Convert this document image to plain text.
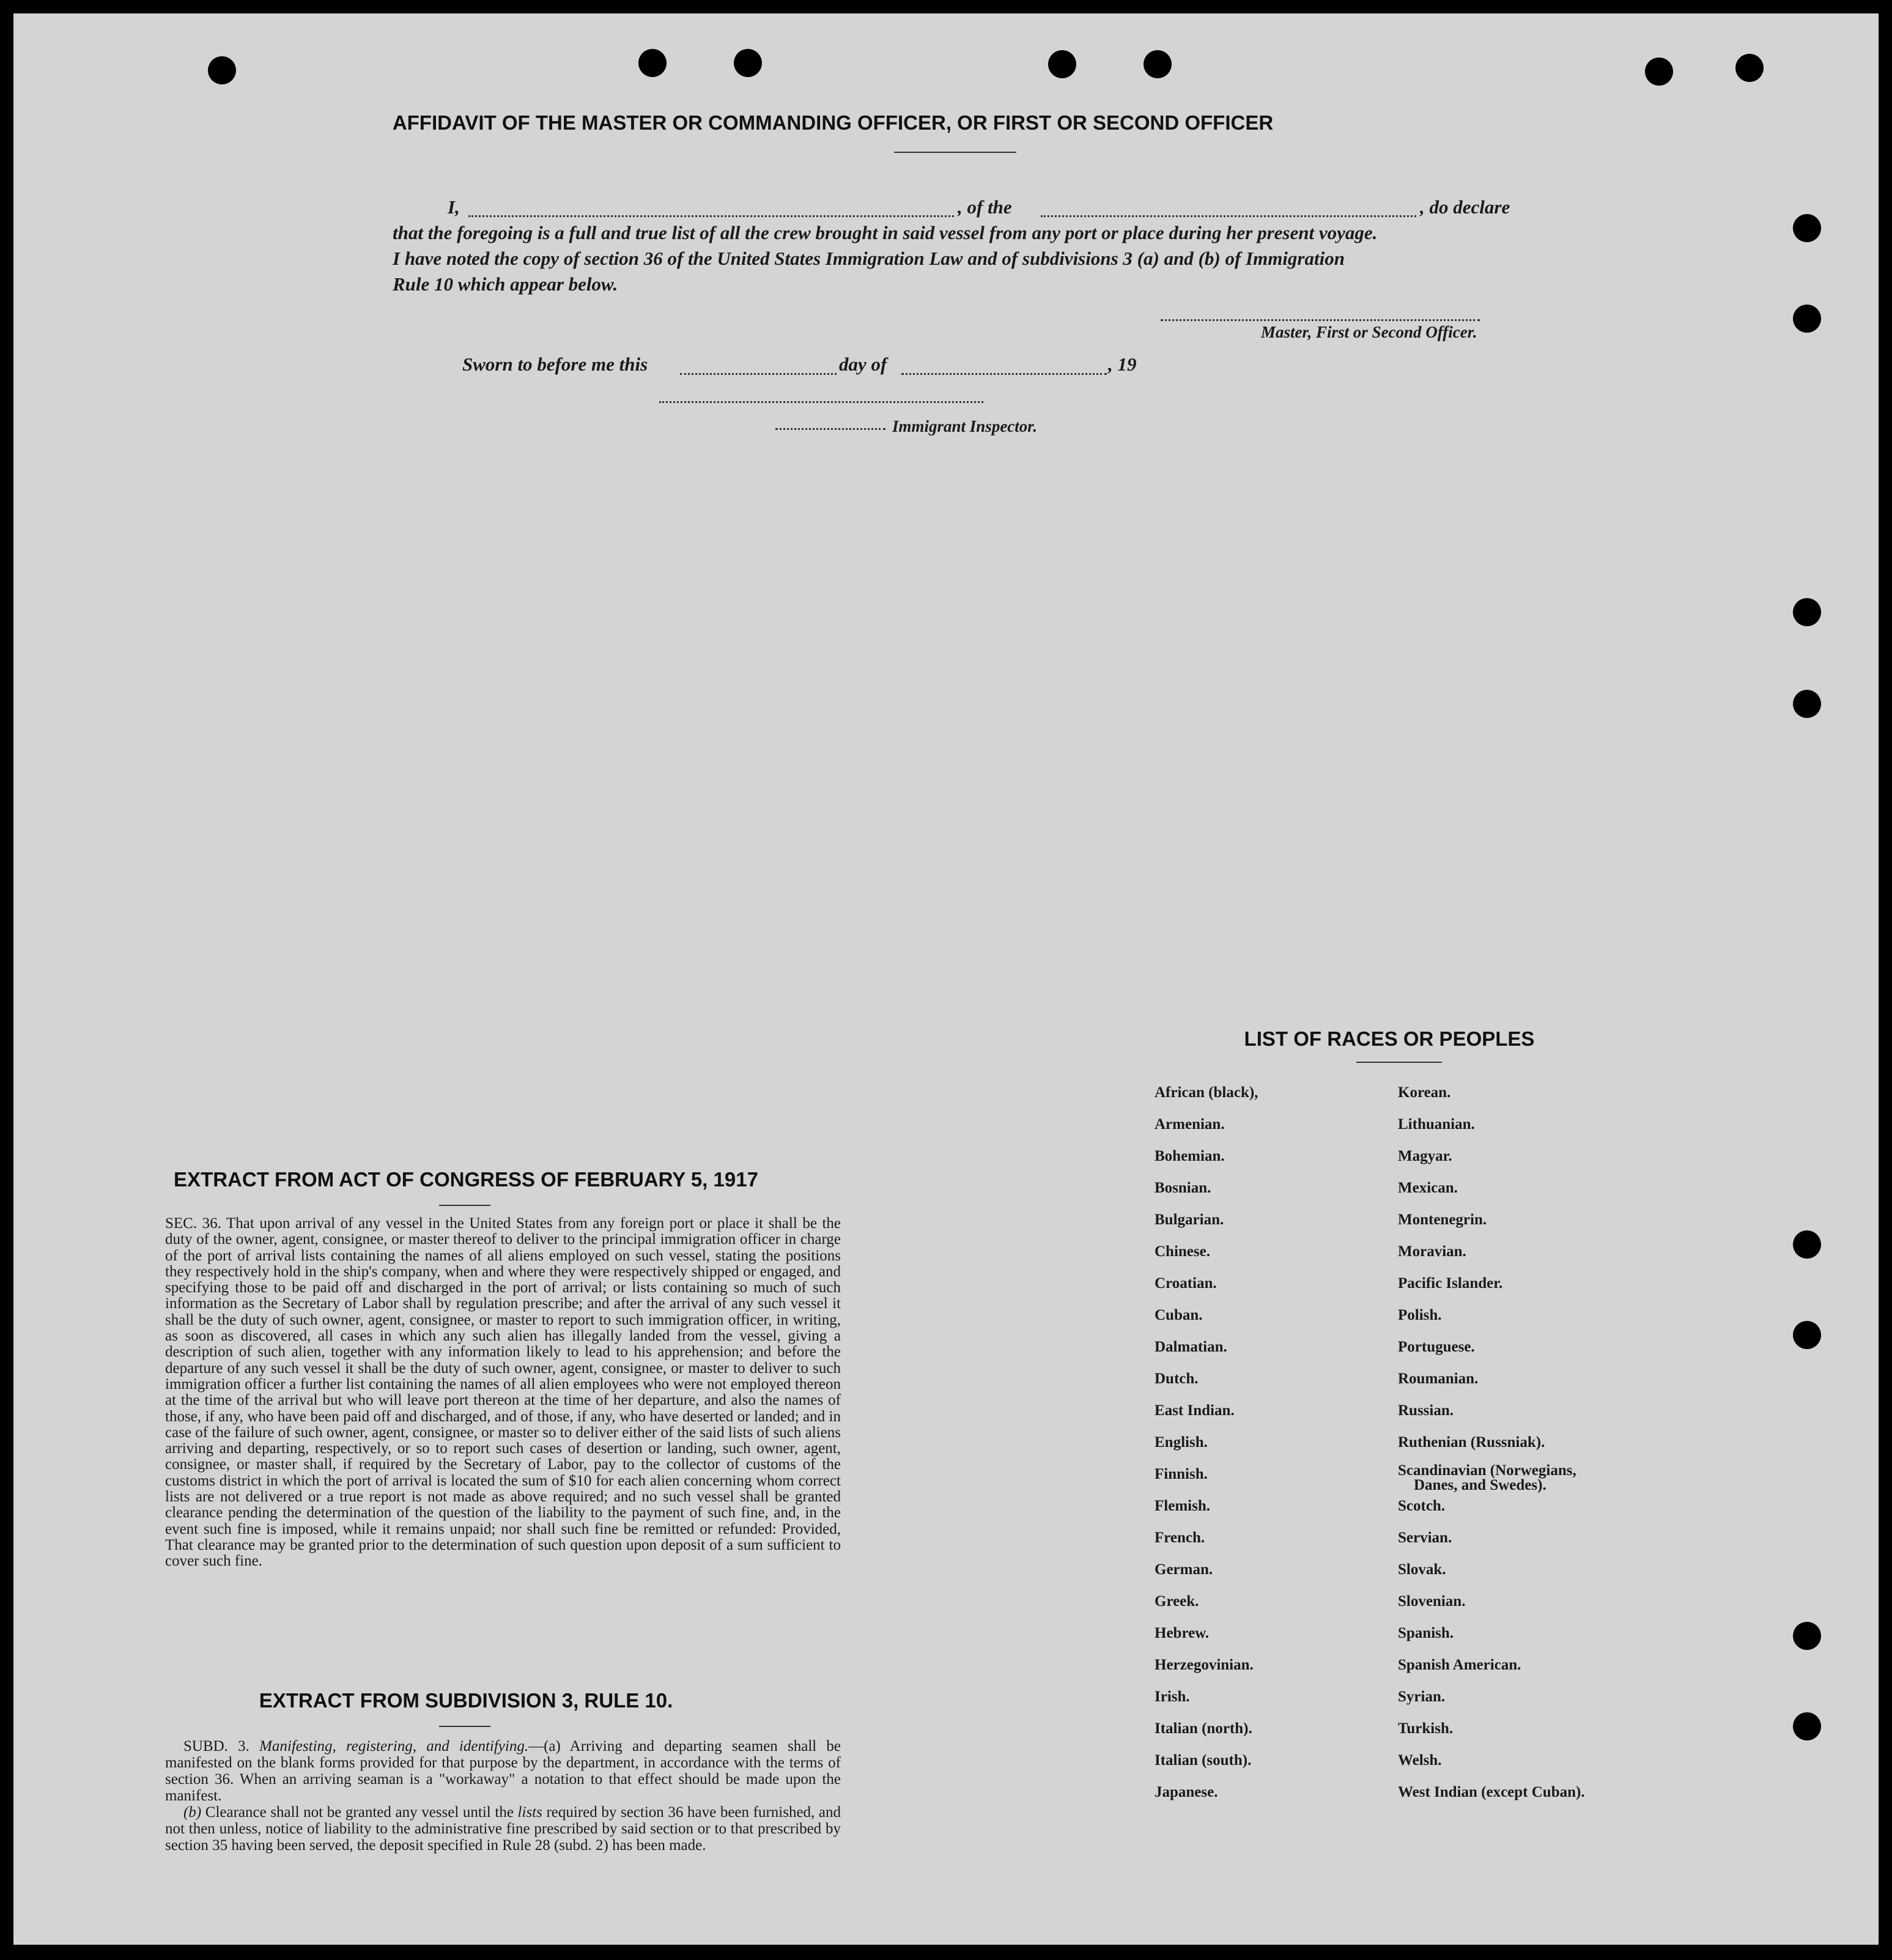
AFFIDAVIT OF THE MASTER OR COMMANDING OFFICER, OR FIRST OR SECOND OFFICER
I,	, of the	, do declare
that the foregoing is a full and true list of all the crew brought in said vessel from any port or place during her present voyage.
I have noted the copy of section 36 of the United States Immigration Law and of subdivisions 3 (a) and (b) of Immigration
Rule 10 which appear below.
Master, First or Second Officer.
Sworn to before me this	day of	, 19
Immigrant Inspector.
EXTRACT FROM ACT OF CONGRESS OF FEBRUARY 5, 1917
SEC. 36. That upon arrival of any vessel in the United States from any foreign port or place it shall be the duty of the owner, agent, consignee, or master thereof to deliver to the principal immigration officer in charge of the port of arrival lists containing the names of all aliens employed on such vessel, stating the positions they respectively hold in the ship's company, when and where they were respectively shipped or engaged, and specifying those to be paid off and discharged in the port of arrival; or lists containing so much of such information as the Secretary of Labor shall by regulation prescribe; and after the arrival of any such vessel it shall be the duty of such owner, agent, consignee, or master to report to such immigration officer, in writing, as soon as discovered, all cases in which any such alien has illegally landed from the vessel, giving a description of such alien, together with any information likely to lead to his apprehension; and before the departure of any such vessel it shall be the duty of such owner, agent, consignee, or master to deliver to such immigration officer a further list containing the names of all alien employees who were not employed thereon at the time of the arrival but who will leave port thereon at the time of her departure, and also the names of those, if any, who have been paid off and discharged, and of those, if any, who have deserted or landed; and in case of the failure of such owner, agent, consignee, or master so to deliver either of the said lists of such aliens arriving and departing, respectively, or so to report such cases of desertion or landing, such owner, agent, consignee, or master shall, if required by the Secretary of Labor, pay to the collector of customs of the customs district in which the port of arrival is located the sum of $10 for each alien concerning whom correct lists are not delivered or a true report is not made as above required; and no such vessel shall be granted clearance pending the determination of the question of the liability to the payment of such fine, and, in the event such fine is imposed, while it remains unpaid; nor shall such fine be remitted or refunded: Provided, That clearance may be granted prior to the determination of such question upon deposit of a sum sufficient to cover such fine.
EXTRACT FROM SUBDIVISION 3, RULE 10.

SUBD. 3. Manifesting, registering, and identifying.—(a) Arriving and departing seamen shall be manifested on the blank forms provided for that purpose by the department, in accordance with the terms of section 36. When an arriving seaman is a "workaway" a notation to that effect should be made upon the manifest.

(b) Clearance shall not be granted any vessel until the lists required by section 36 have been furnished, and not then unless, notice of liability to the administrative fine prescribed by said section or to that prescribed by section 35 having been served, the deposit specified in Rule 28 (subd. 2) has been made.

LIST OF RACES OR PEOPLES
African (black),
Armenian.
Bohemian.
Bosnian.
Bulgarian.
Chinese.
Croatian.
Cuban.
Dalmatian.
Dutch.
East Indian.
English.
Finnish.
Flemish.
French.
German.
Greek.
Hebrew.
Herzegovinian.
Irish.
Italian (north).
Italian (south).
Japanese.
Korean.
Lithuanian.
Magyar.
Mexican.
Montenegrin.
Moravian.
Pacific Islander.
Polish.
Portuguese.
Roumanian.
Russian.
Ruthenian (Russniak).
Scandinavian (Norwegians,
Danes, and Swedes).
Scotch.
Servian.
Slovak.
Slovenian.
Spanish.
Spanish American.
Syrian.
Turkish.
Welsh.
West Indian (except Cuban).
